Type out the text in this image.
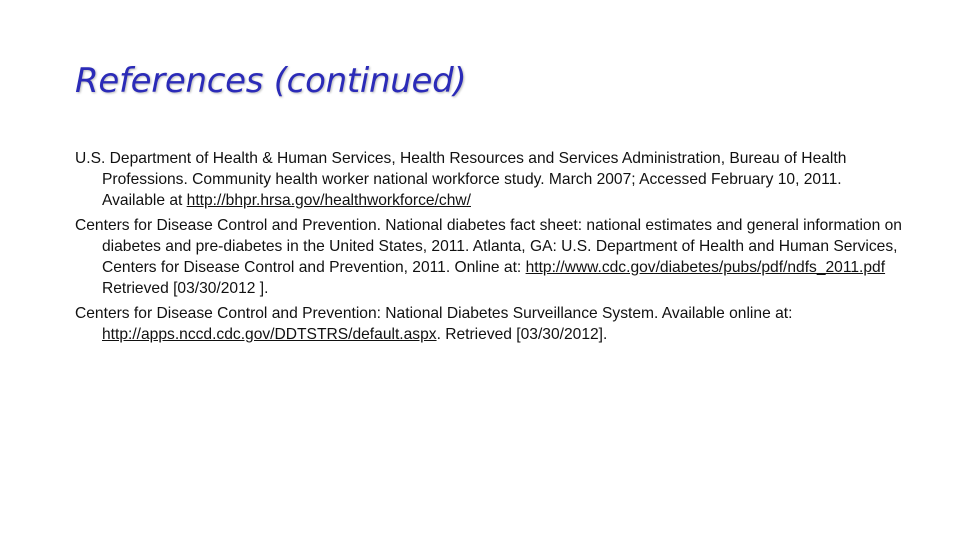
References (continued)

U.S. Department of Health & Human Services, Health Resources and Services Administration, Bureau of Health Professions. Community health worker national workforce study. March 2007; Accessed February 10, 2011. Available at http://bhpr.hrsa.gov/healthworkforce/chw/

Centers for Disease Control and Prevention. National diabetes fact sheet: national estimates and general information on diabetes and pre-diabetes in the United States, 2011. Atlanta, GA: U.S. Department of Health and Human Services, Centers for Disease Control and Prevention, 2011. Online at: http://www.cdc.gov/diabetes/pubs/pdf/ndfs_2011.pdf Retrieved [03/30/2012 ].

Centers for Disease Control and Prevention: National Diabetes Surveillance System. Available online at: http://apps.nccd.cdc.gov/DDTSTRS/default.aspx. Retrieved [03/30/2012].
